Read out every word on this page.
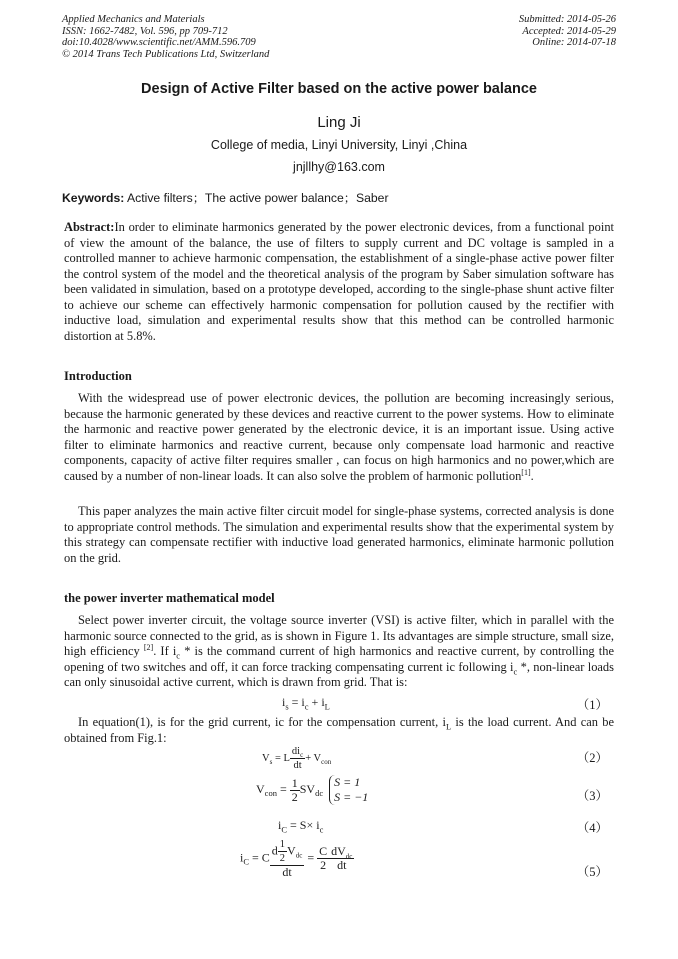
Applied Mechanics and Materials
ISSN: 1662-7482, Vol. 596, pp 709-712
doi:10.4028/www.scientific.net/AMM.596.709
© 2014 Trans Tech Publications Ltd, Switzerland
Submitted: 2014-05-26
Accepted: 2014-05-29
Online: 2014-07-18
Design of Active Filter based on the active power balance
Ling Ji
College of media, Linyi University, Linyi ,China
jnjllhy@163.com
Keywords: Active filters；The active power balance；Saber
Abstract:In order to eliminate harmonics generated by the power electronic devices, from a functional point of view the amount of the balance, the use of filters to supply current and DC voltage is sampled in a controlled manner to achieve harmonic compensation, the establishment of a single-phase active power filter the control system of the model and the theoretical analysis of the program by Saber simulation software has been validated in simulation, based on a prototype developed, according to the single-phase shunt active filter to achieve our scheme can effectively harmonic compensation for pollution caused by the rectifier with inductive load, simulation and experimental results show that this method can be controlled harmonic distortion at 5.8%.
Introduction
With the widespread use of power electronic devices, the pollution are becoming increasingly serious, because the harmonic generated by these devices and reactive current to the power systems. How to eliminate the harmonic and reactive power generated by the electronic device, it is an important issue. Using active filter to eliminate harmonics and reactive current, because only compensate load harmonic and reactive components, capacity of active filter requires smaller , can focus on high harmonics and no power,which are caused by a number of non-linear loads. It can also solve the problem of harmonic pollution[1].
This paper analyzes the main active filter circuit model for single-phase systems, corrected analysis is done to appropriate control methods. The simulation and experimental results show that the experimental system by this strategy can compensate rectifier with inductive load generated harmonics, eliminate harmonic pollution on the grid.
the power inverter mathematical model
Select power inverter circuit, the voltage source inverter (VSI) is active filter, which in parallel with the harmonic source connected to the grid, as is shown in Figure 1. Its advantages are simple structure, small size, high efficiency [2]. If $i_c$ * is the command current of high harmonics and reactive current, by controlling the opening of two switches and off, it can force tracking compensating current ic following $i_c$ *, non-linear loads can only sinusoidal active current, which is drawn from grid. That is:
$i_s = i_c + i_L$	（1）
In equation(1), is for the grid current, ic for the compensation current, $i_L$ is the load current. And can be obtained from Fig.1:
$V_s = L \frac{di_c}{dt} + V_{con}$	（2）
$V_{con} = \frac{1}{2} SV_{dc}$
S = 1
S = −1	（3）
$i_C = S\times i_c$	（4）
$i_C = C \frac{d \frac{1}{2} V_{dc}}{dt} = \frac{C}{2} \frac{dV_{dc}}{dt}$	（5）
